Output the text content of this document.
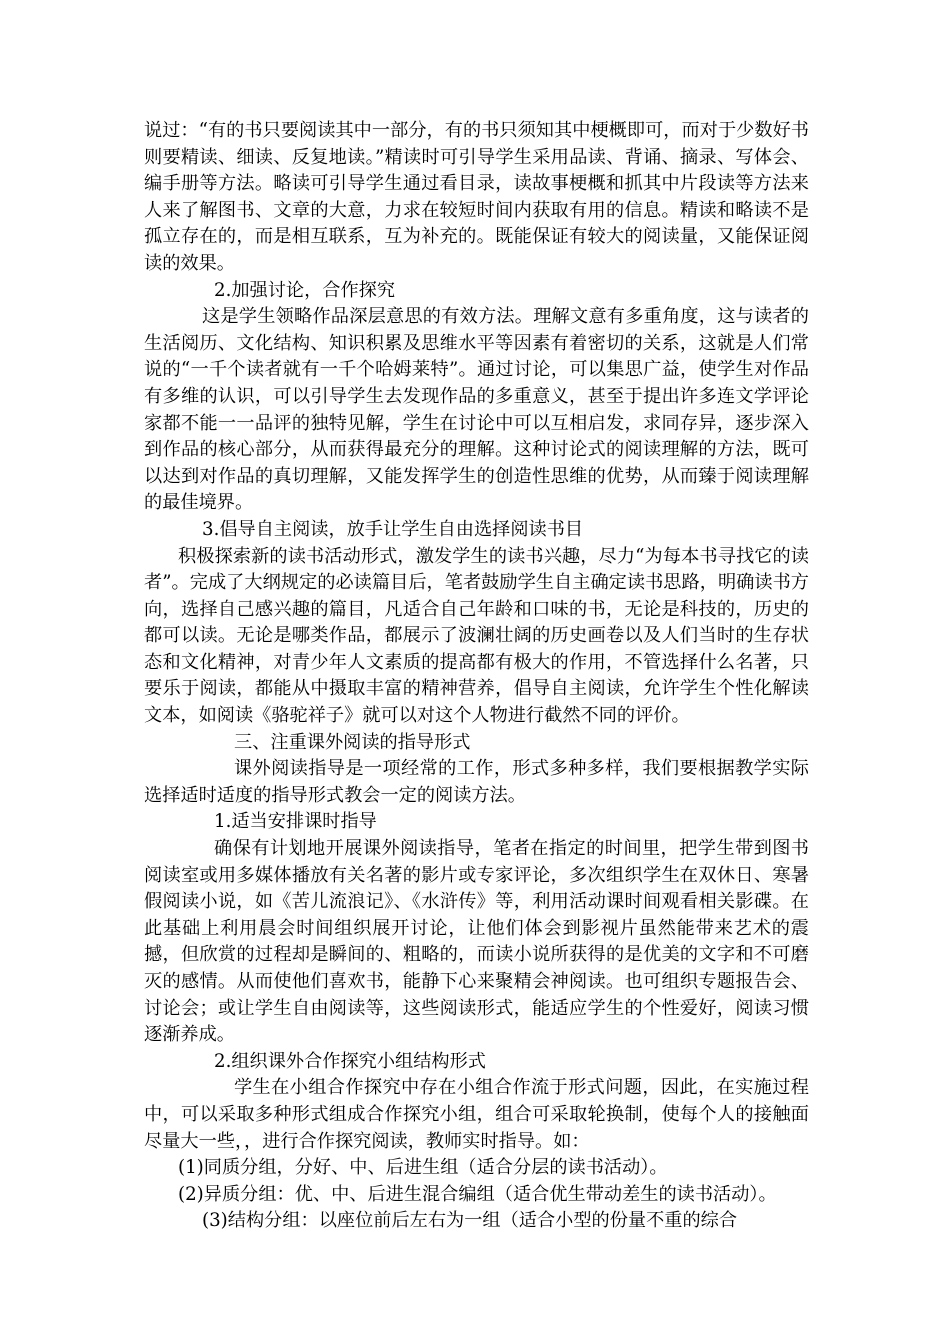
说过：“有的书只要阅读其中一部分，有的书只须知其中梗概即可，而对于少数好书则要精读、细读、反复地读。”精读时可引导学生采用品读、背诵、摘录、写体会、编手册等方法。略读可引导学生通过看目录，读故事梗概和抓其中片段读等方法来人来了解图书、文章的大意，力求在较短时间内获取有用的信息。精读和略读不是孤立存在的，而是相互联系，互为补充的。既能保证有较大的阅读量，又能保证阅读的效果。

2.加强讨论，合作探究

这是学生领略作品深层意思的有效方法。理解文意有多重角度，这与读者的生活阅历、文化结构、知识积累及思维水平等因素有着密切的关系，这就是人们常说的“一千个读者就有一千个哈姆莱特”。通过讨论，可以集思广益，使学生对作品有多维的认识，可以引导学生去发现作品的多重意义，甚至于提出许多连文学评论家都不能一一品评的独特见解，学生在讨论中可以互相启发，求同存异，逐步深入到作品的核心部分，从而获得最充分的理解。这种讨论式的阅读理解的方法，既可以达到对作品的真切理解，又能发挥学生的创造性思维的优势，从而臻于阅读理解的最佳境界。

3.倡导自主阅读，放手让学生自由选择阅读书目

积极探索新的读书活动形式，激发学生的读书兴趣，尽力“为每本书寻找它的读者”。完成了大纲规定的必读篇目后，笔者鼓励学生自主确定读书思路，明确读书方向，选择自己感兴趣的篇目，凡适合自己年龄和口味的书，无论是科技的，历史的都可以读。无论是哪类作品，都展示了波澜壮阔的历史画卷以及人们当时的生存状态和文化精神，对青少年人文素质的提高都有极大的作用，不管选择什么名著，只要乐于阅读，都能从中摄取丰富的精神营养，倡导自主阅读，允许学生个性化解读文本，如阅读《骆驼祥子》就可以对这个人物进行截然不同的评价。

三、注重课外阅读的指导形式

课外阅读指导是一项经常的工作，形式多种多样，我们要根据教学实际选择适时适度的指导形式教会一定的阅读方法。

1.适当安排课时指导

确保有计划地开展课外阅读指导，笔者在指定的时间里，把学生带到图书阅读室或用多媒体播放有关名著的影片或专家评论，多次组织学生在双休日、寒暑假阅读小说，如《苦儿流浪记》、《水浒传》等，利用活动课时间观看相关影碟。在此基础上利用晨会时间组织展开讨论，让他们体会到影视片虽然能带来艺术的震撼，但欣赏的过程却是瞬间的、粗略的，而读小说所获得的是优美的文字和不可磨灭的感情。从而使他们喜欢书，能静下心来聚精会神阅读。也可组织专题报告会、讨论会；或让学生自由阅读等，这些阅读形式，能适应学生的个性爱好，阅读习惯逐渐养成。

2.组织课外合作探究小组结构形式

学生在小组合作探究中存在小组合作流于形式问题，因此，在实施过程中，可以采取多种形式组成合作探究小组，组合可采取轮换制，使每个人的接触面尽量大一些，，进行合作探究阅读，教师实时指导。如：

(1)同质分组，分好、中、后进生组（适合分层的读书活动）。

(2)异质分组：优、中、后进生混合编组（适合优生带动差生的读书活动）。

(3)结构分组：以座位前后左右为一组（适合小型的份量不重的综合
